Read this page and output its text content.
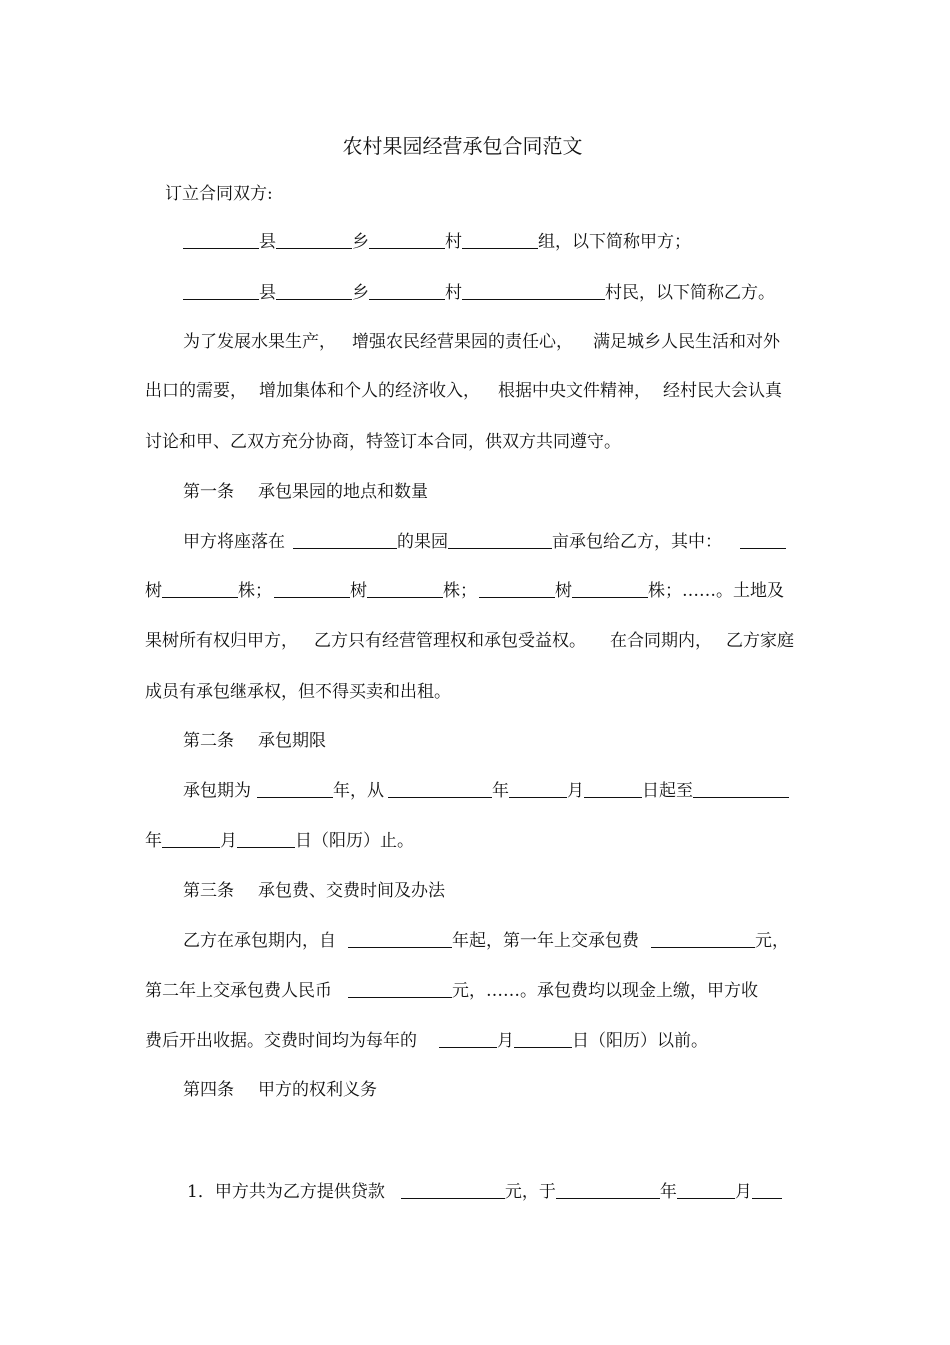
农村果园经营承包合同范文
订立合同双方:
县	乡	村	组，以下简称甲方；
县	乡	村	村民，以下简称乙方。
为了发展水果生产， 增强农民经营果园的责任心， 满足城乡人民生活和对外
出口的需要， 增加集体和个人的经济收入， 根据中央文件精神， 经村民大会认真
讨论和甲、乙双方充分协商，特签订本合同，供双方共同遵守。
第一条 承包果园的地点和数量
甲方将座落在	的果园	亩承包给乙方，其中：
树	株；	树	株；	树	株；……。土地及
果树所有权归甲方， 乙方只有经营管理权和承包受益权。 在合同期内， 乙方家庭
成员有承包继承权，但不得买卖和出租。
第二条 承包期限
承包期为	年，从	年	月	日起至
年	月	日（阳历）止。
第三条 承包费、交费时间及办法
乙方在承包期内，自	年起，第一年上交承包费	元，
第二年上交承包费人民币	元，……。承包费均以现金上缴，甲方收
费后开出收据。交费时间均为每年的	月	日（阳历）以前。
第四条 甲方的权利义务
1．甲方共为乙方提供贷款	元，于	年	月
